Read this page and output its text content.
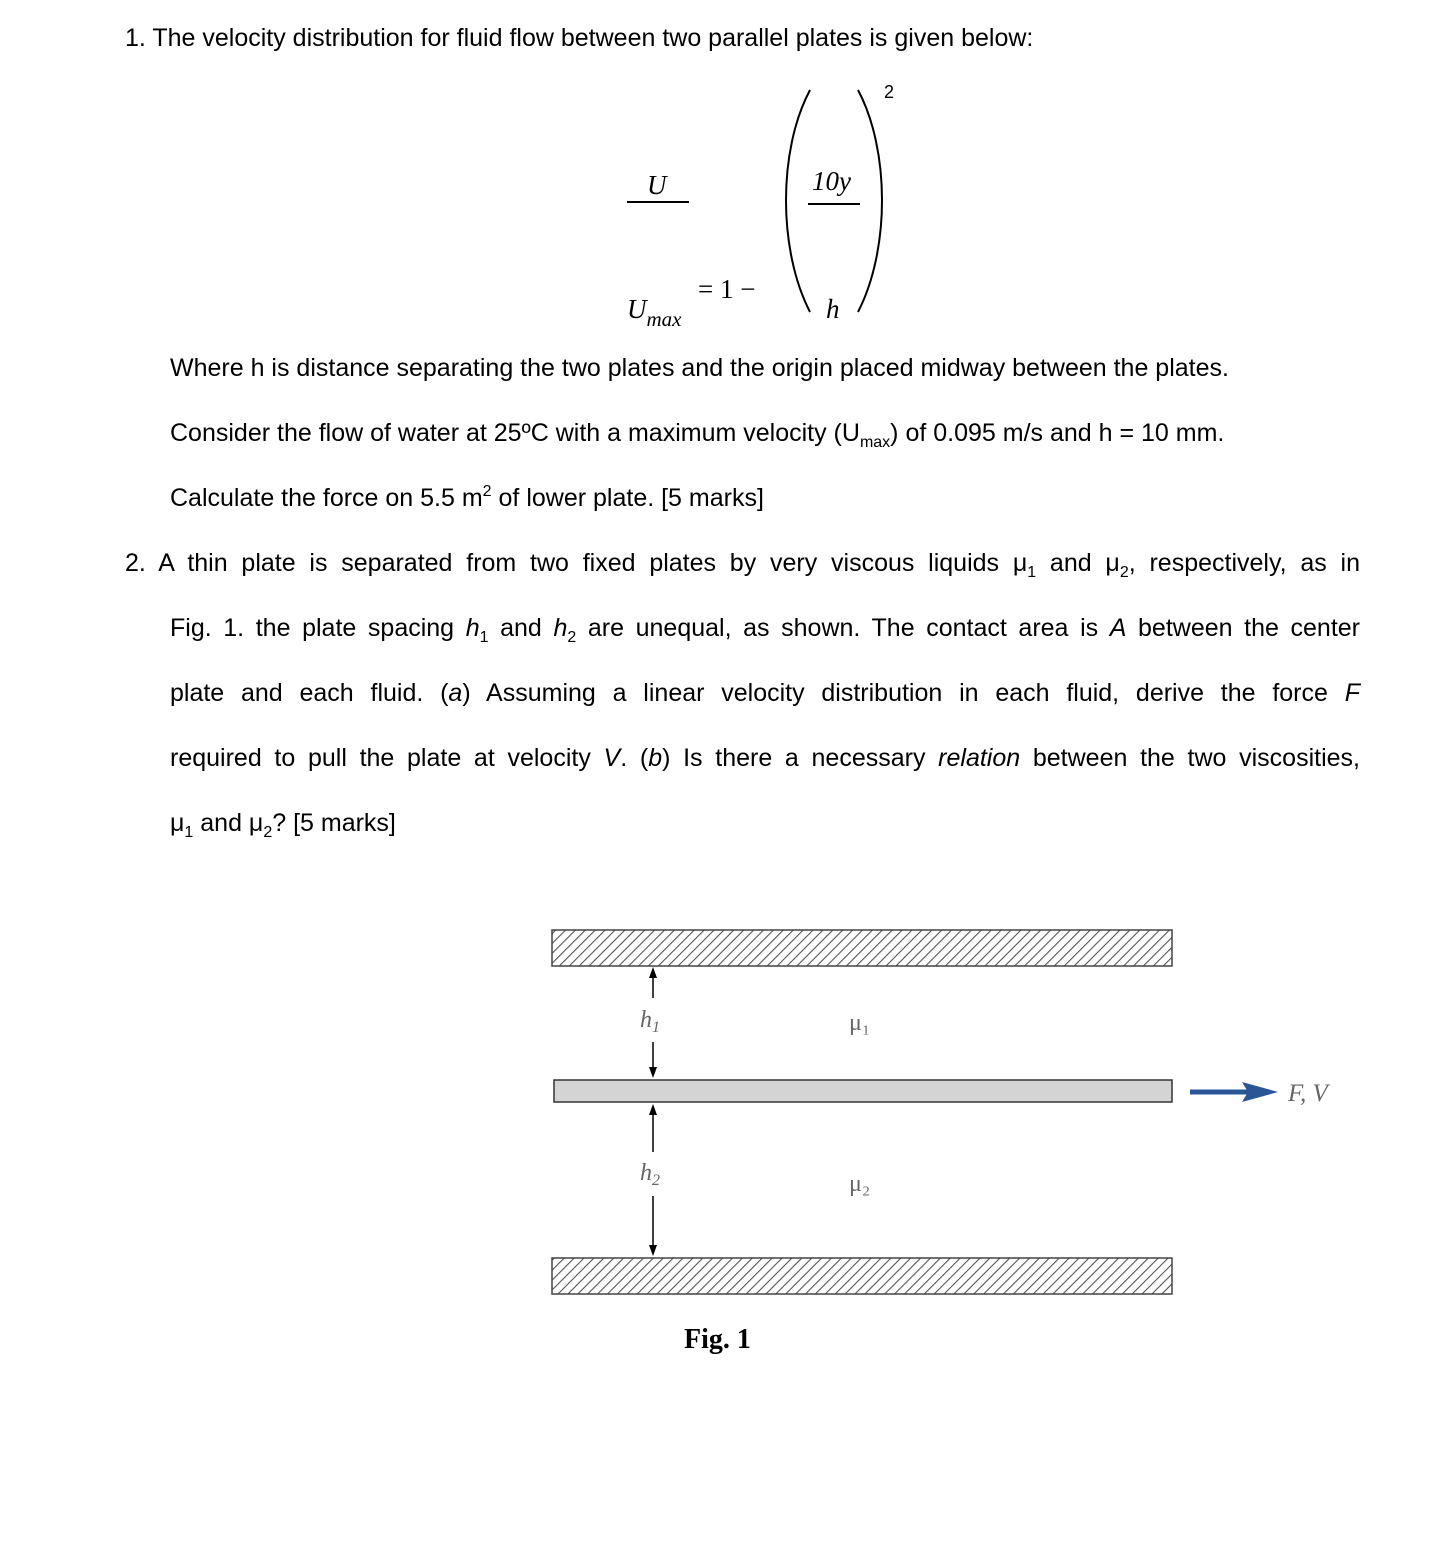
1. The velocity distribution for fluid flow between two parallel plates is given below:
U
$U_{max}$
= 1 −
10y
h
2
Where h is distance separating the two plates and the origin placed midway between the plates.
Consider the flow of water at 25ºC with a maximum velocity $(U_{max})$ of 0.095 m/s and h = 10 mm.
Calculate the force on 5.5 $m^2$ of lower plate. [5 marks]
2. A thin plate is separated from two fixed plates by very viscous liquids $\mu_1$ and $\mu_2$, respectively, as in
Fig. 1. the plate spacing $h_1$ and $h_2$ are unequal, as shown. The contact area is A between the center
plate and each fluid. (a) Assuming a linear velocity distribution in each fluid, derive the force F
required to pull the plate at velocity V. (b) Is there a necessary relation between the two viscosities,
$\mu_1$ and $\mu_2$? [5 marks]
$h_1$
$h_2$
μ₁
μ₂
F, V
Fig. 1
